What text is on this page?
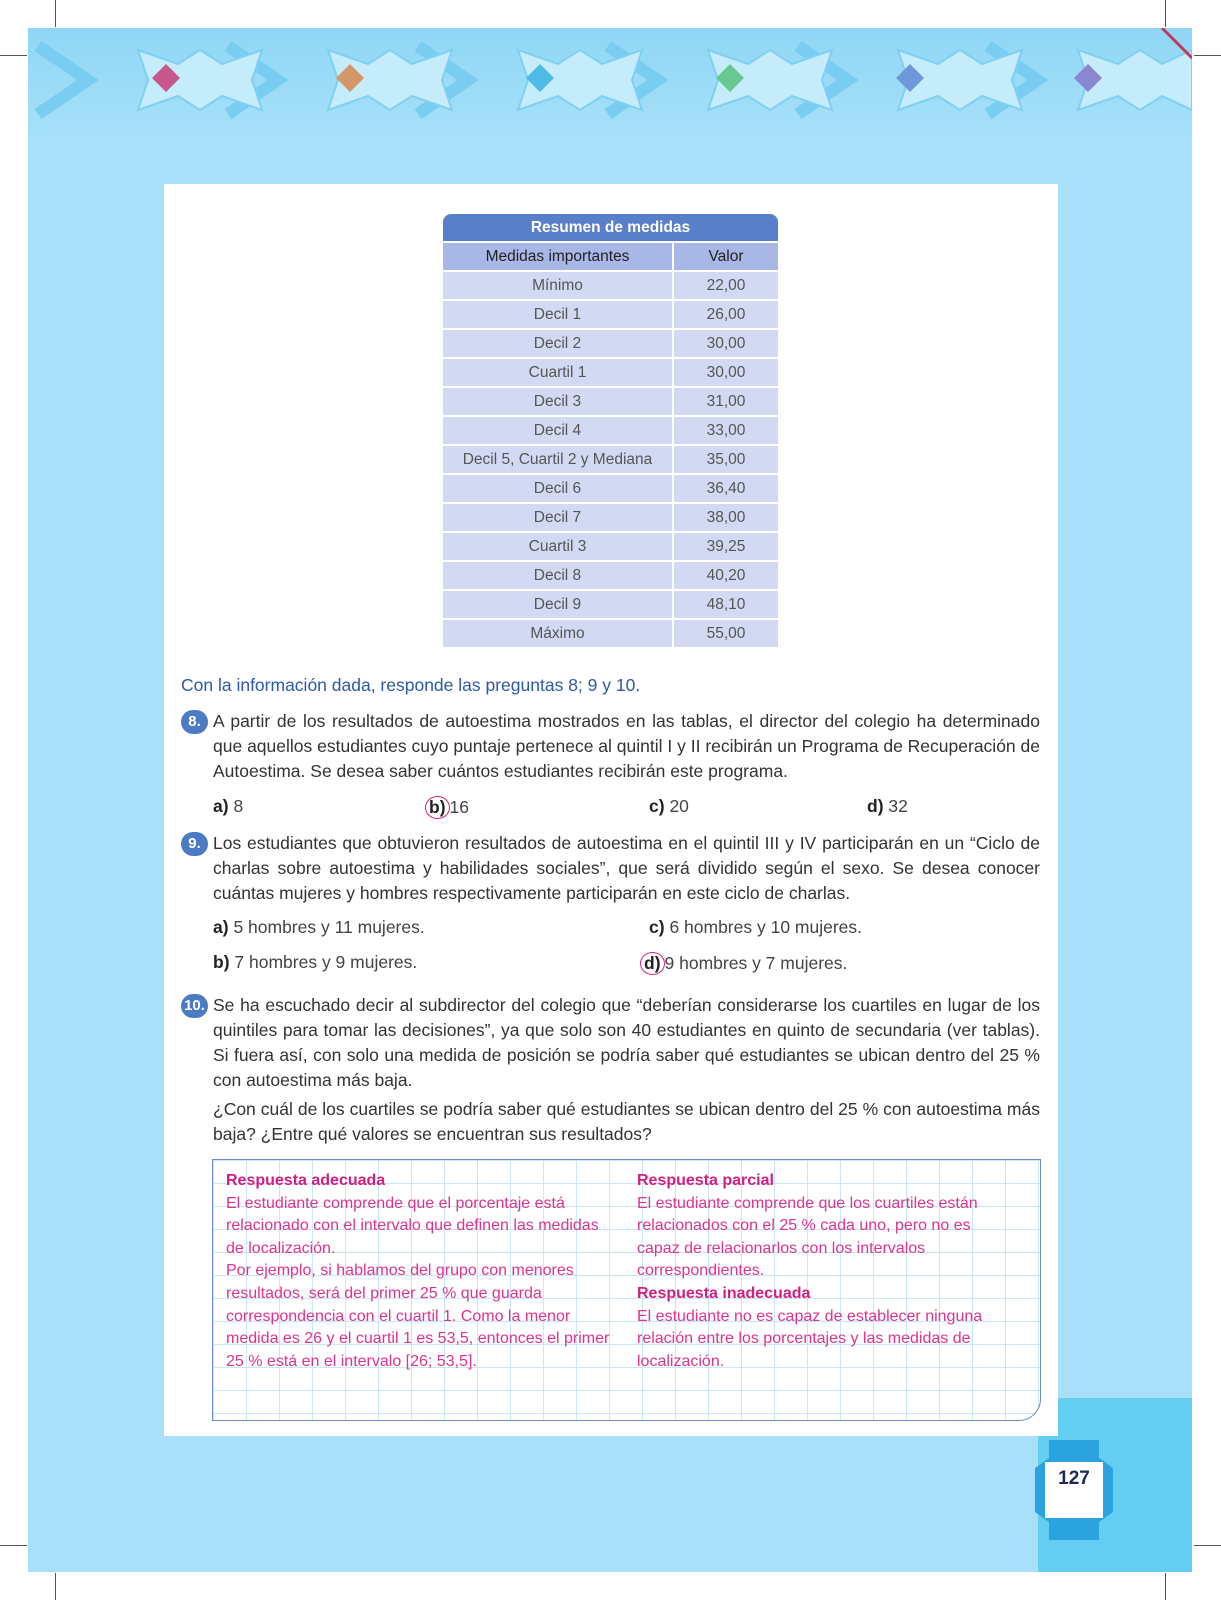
Resumen de medidas	
Medidas importantes	Valor
Mínimo	22,00
Decil 1	26,00
Decil 2	30,00
Cuartil 1	30,00
Decil 3	31,00
Decil 4	33,00
Decil 5, Cuartil 2 y Mediana	35,00
Decil 6	36,40
Decil 7	38,00
Cuartil 3	39,25
Decil 8	40,20
Decil 9	48,10
Máximo	55,00
Con la información dada, responde las preguntas 8; 9 y 10.
8. A partir de los resultados de autoestima mostrados en las tablas, el director del colegio ha determinado que aquellos estudiantes cuyo puntaje pertenece al quintil I y II recibirán un Programa de Recuperación de Autoestima. Se desea saber cuántos estudiantes recibirán este programa.
a) 8	b) 16	c) 20	d) 32
9. Los estudiantes que obtuvieron resultados de autoestima en el quintil III y IV participarán en un “Ciclo de charlas sobre autoestima y habilidades sociales”, que será dividido según el sexo. Se desea conocer cuántas mujeres y hombres respectivamente participarán en este ciclo de charlas.
a) 5 hombres y 11 mujeres.	c) 6 hombres y 10 mujeres.
b) 7 hombres y 9 mujeres.	d) 9 hombres y 7 mujeres.
10. Se ha escuchado decir al subdirector del colegio que “deberían considerarse los cuartiles en lugar de los quintiles para tomar las decisiones”, ya que solo son 40 estudiantes en quinto de secundaria (ver tablas). Si fuera así, con solo una medida de posición se podría saber qué estudiantes se ubican dentro del 25 % con autoestima más baja.
¿Con cuál de los cuartiles se podría saber qué estudiantes se ubican dentro del 25 % con autoestima más baja? ¿Entre qué valores se encuentran sus resultados?
Respuesta adecuada
El estudiante comprende que el porcentaje está relacionado con el intervalo que definen las medidas de localización.
Por ejemplo, si hablamos del grupo con menores resultados, será del primer 25 % que guarda correspondencia con el cuartil 1. Como la menor medida es 26 y el cuartil 1 es 53,5, entonces el primer 25 % está en el intervalo [26; 53,5].
Respuesta parcial
El estudiante comprende que los cuartiles están relacionados con el 25 % cada uno, pero no es capaz de relacionarlos con los intervalos correspondientes.
Respuesta inadecuada
El estudiante no es capaz de establecer ninguna relación entre los porcentajes y las medidas de localización.
127
